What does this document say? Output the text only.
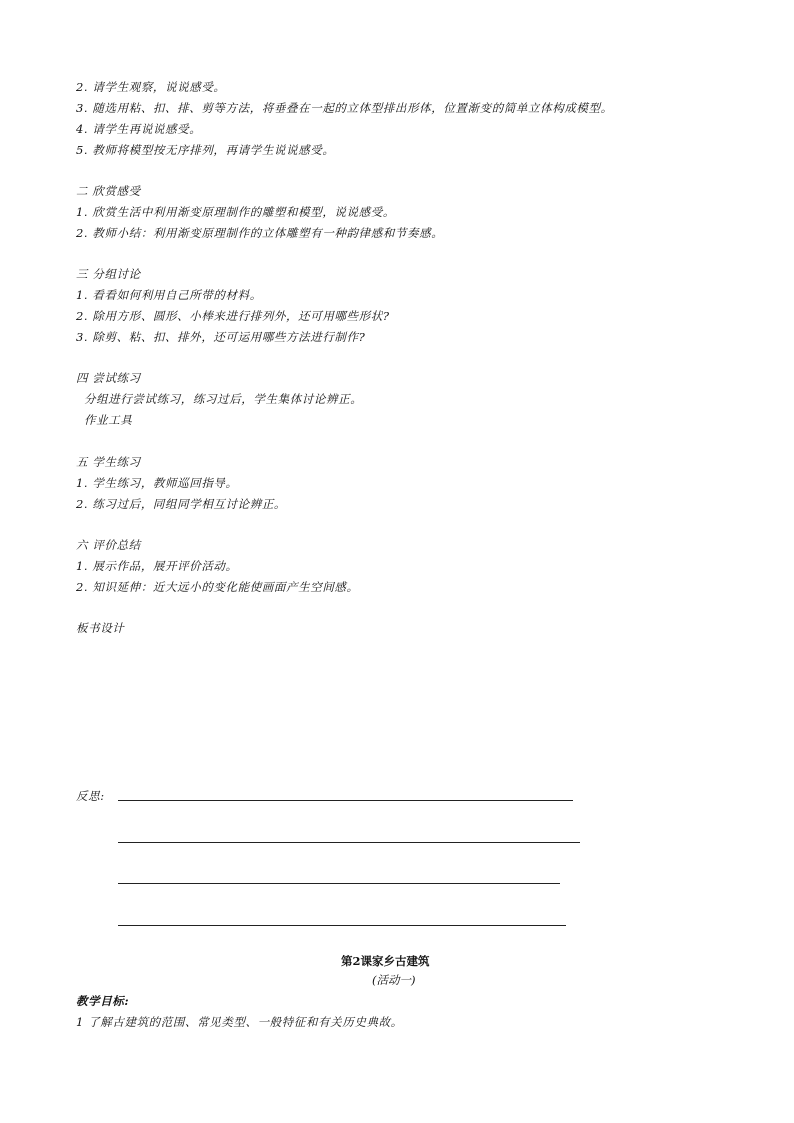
2. 请学生观察，说说感受。
3. 随选用粘、扣、排、剪等方法，将垂叠在一起的立体型排出形体，位置渐变的简单立体构成模型。
4. 请学生再说说感受。
5. 教师将模型按无序排列，再请学生说说感受。
二 欣赏感受
1. 欣赏生活中利用渐变原理制作的雕塑和模型，说说感受。
2. 教师小结：利用渐变原理制作的立体雕塑有一种韵律感和节奏感。
三 分组讨论
1. 看看如何利用自己所带的材料。
2. 除用方形、圆形、小棒来进行排列外，还可用哪些形状?
3. 除剪、粘、扣、排外，还可运用哪些方法进行制作?
四 尝试练习
分组进行尝试练习，练习过后，学生集体讨论辨正。
作业工具
五 学生练习
1. 学生练习，教师巡回指导。
2. 练习过后，同组同学相互讨论辨正。
六 评价总结
1. 展示作品，展开评价活动。
2. 知识延伸：近大远小的变化能使画面产生空间感。
板书设计
反思:
第2课家乡古建筑
(活动一)
教学目标:
1 了解古建筑的范围、常见类型、一般特征和有关历史典故。
